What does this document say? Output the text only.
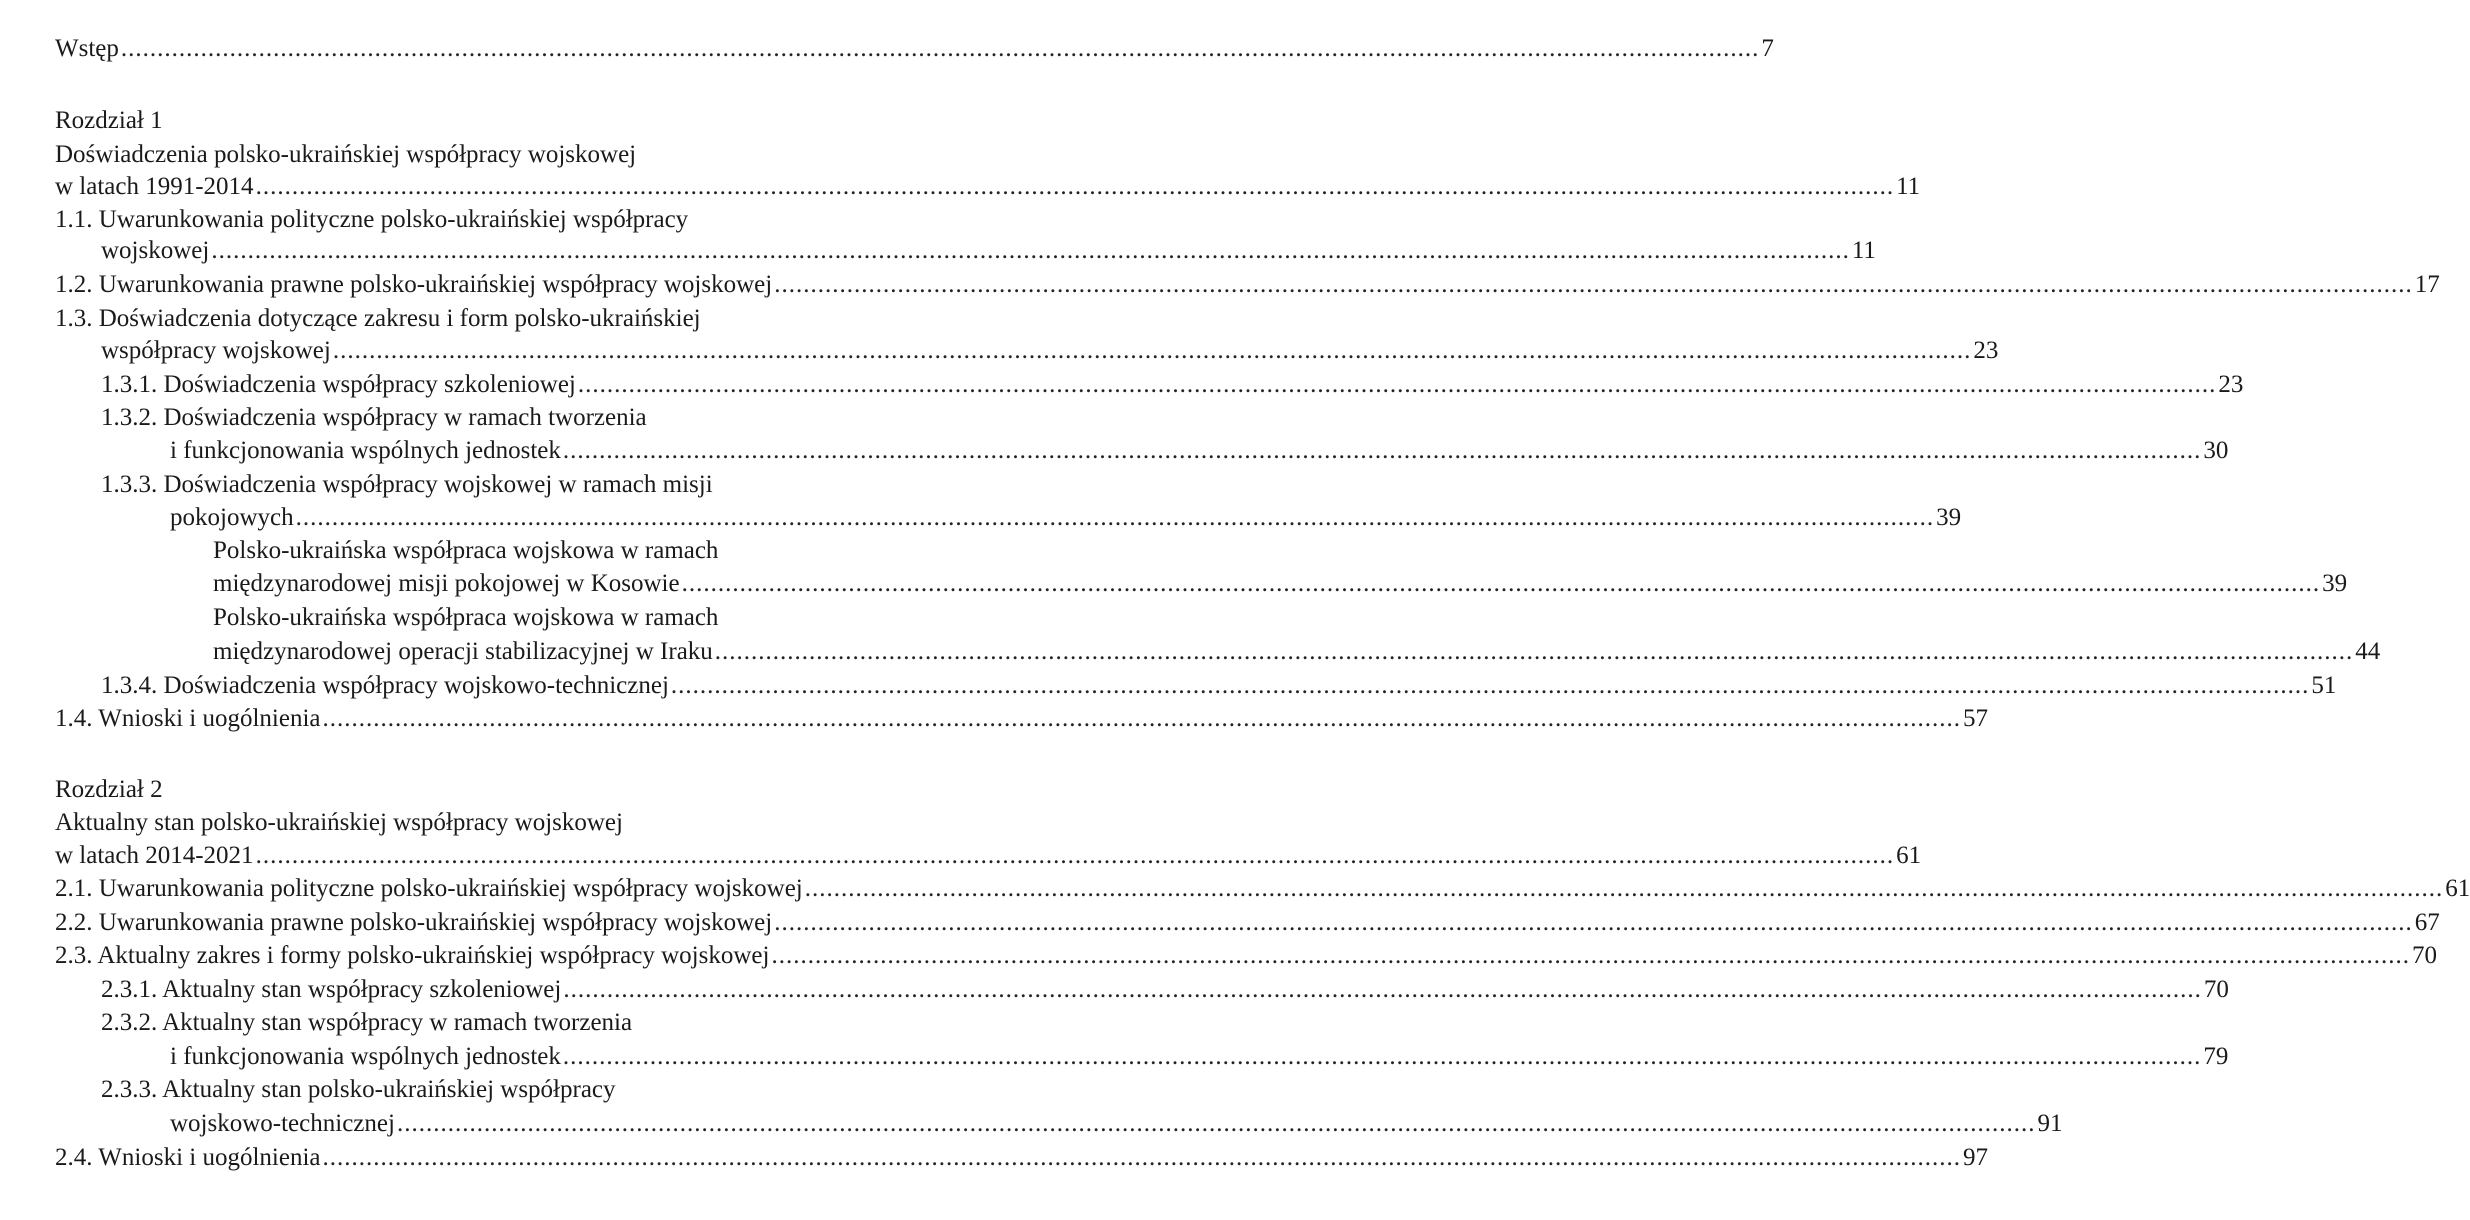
Wstęp .....	7
Rozdział 1
Doświadczenia polsko-ukraińskiej współpracy wojskowej
w latach 1991-2014 .....	11
1.1. Uwarunkowania polityczne polsko-ukraińskiej współpracy
wojskowej .....	11
1.2. Uwarunkowania prawne polsko-ukraińskiej współpracy wojskowej .....	17
1.3. Doświadczenia dotyczące zakresu i form polsko-ukraińskiej
współpracy wojskowej .....	23
1.3.1. Doświadczenia współpracy szkoleniowej .....	23
1.3.2. Doświadczenia współpracy w ramach tworzenia
i funkcjonowania wspólnych jednostek .....	30
1.3.3. Doświadczenia współpracy wojskowej w ramach misji
pokojowych .....	39
Polsko-ukraińska współpraca wojskowa w ramach
międzynarodowej misji pokojowej w Kosowie .....	39
Polsko-ukraińska współpraca wojskowa w ramach
międzynarodowej operacji stabilizacyjnej w Iraku .....	44
1.3.4. Doświadczenia współpracy wojskowo-technicznej .....	51
1.4. Wnioski i uogólnienia .....	57
Rozdział 2
Aktualny stan polsko-ukraińskiej współpracy wojskowej
w latach 2014-2021 .....	61
2.1. Uwarunkowania polityczne polsko-ukraińskiej współpracy wojskowej .....	61
2.2. Uwarunkowania prawne polsko-ukraińskiej współpracy wojskowej .....	67
2.3. Aktualny zakres i formy polsko-ukraińskiej współpracy wojskowej .....	70
2.3.1. Aktualny stan współpracy szkoleniowej .....	70
2.3.2. Aktualny stan współpracy w ramach tworzenia
i funkcjonowania wspólnych jednostek .....	79
2.3.3. Aktualny stan polsko-ukraińskiej współpracy
wojskowo-technicznej .....	91
2.4. Wnioski i uogólnienia .....	97
